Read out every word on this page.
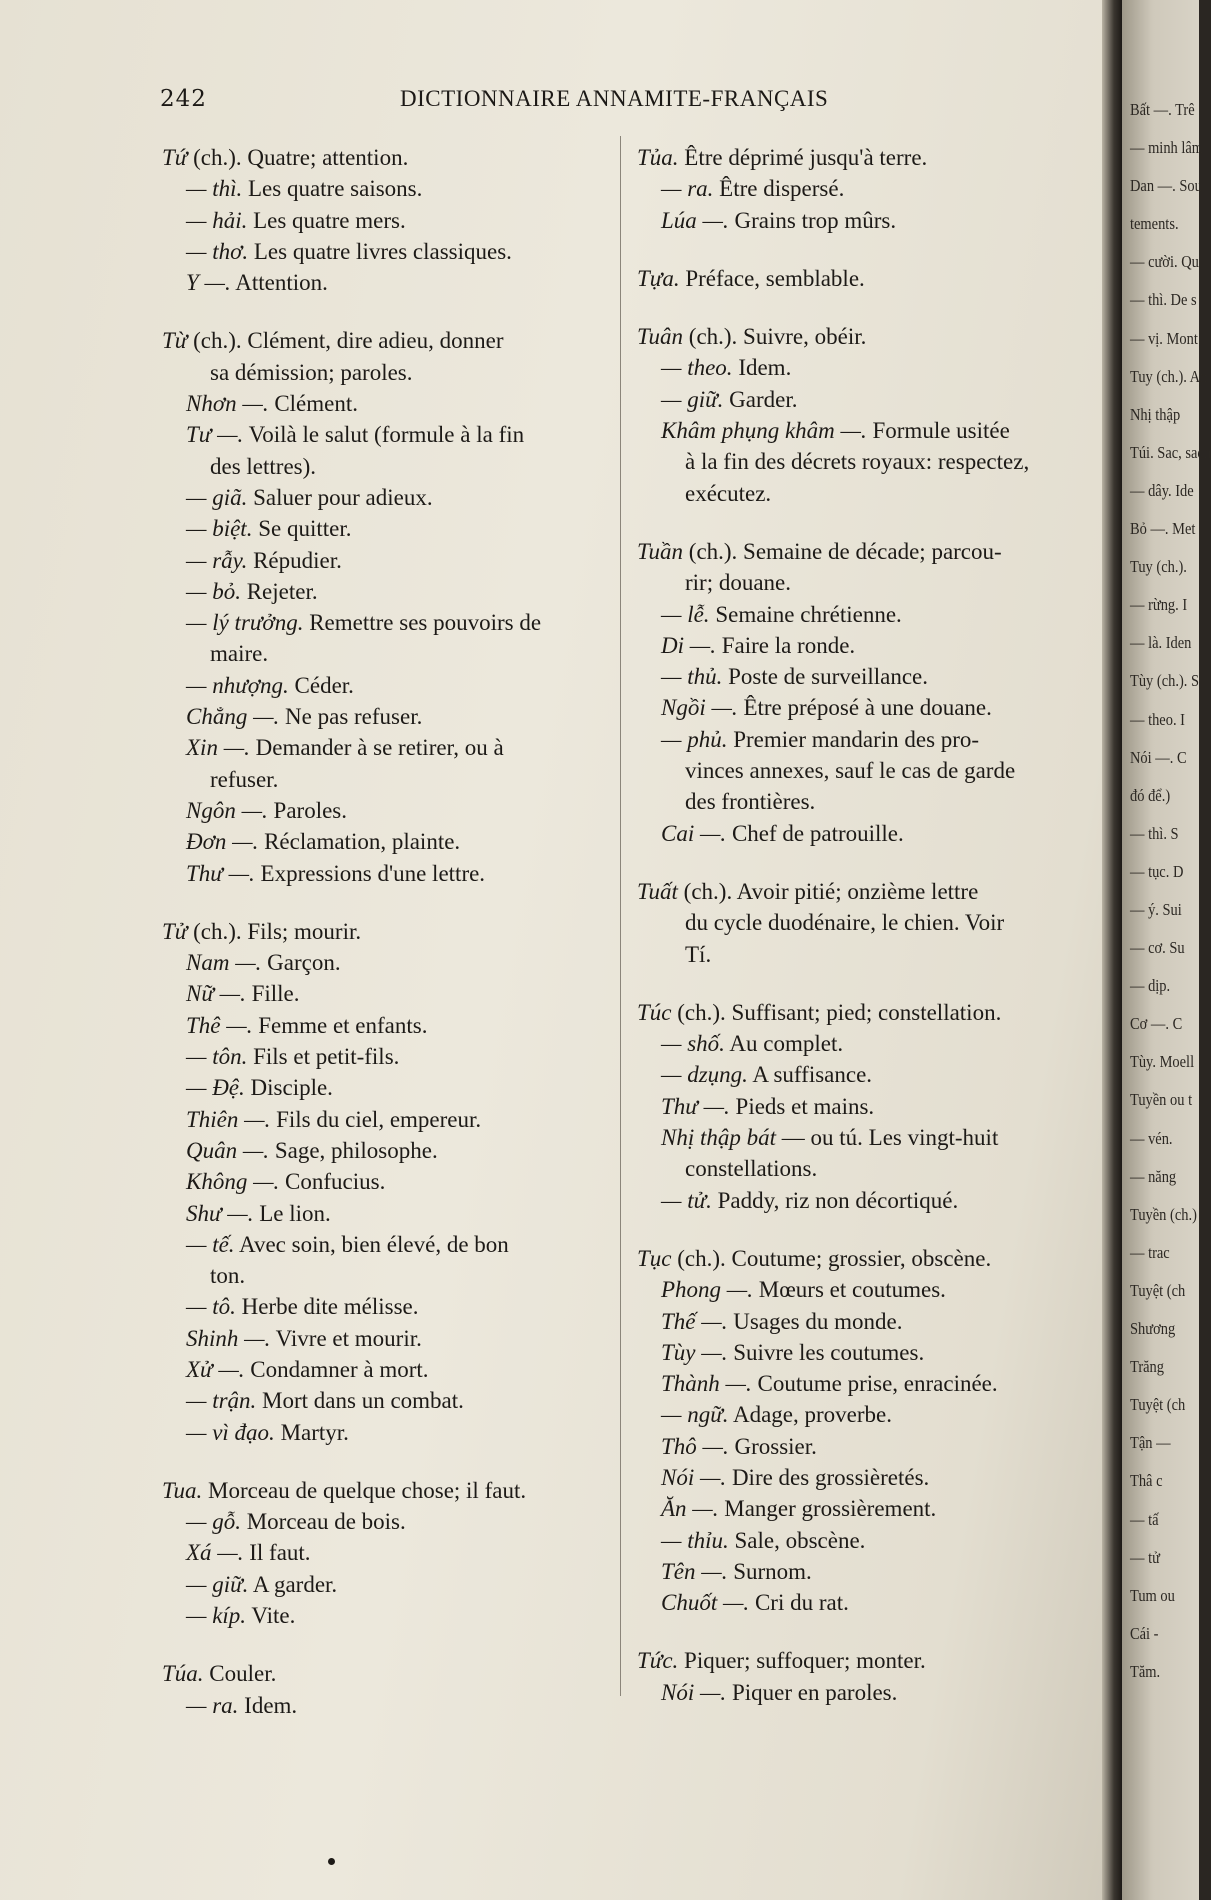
242	DICTIONNAIRE ANNAMITE-FRANÇAIS
Tứ (ch.). Quatre; attention.
— thì. Les quatre saisons.
— hải. Les quatre mers.
— thơ. Les quatre livres classiques.
Y —. Attention.
Từ (ch.). Clément, dire adieu, donner
sa démission; paroles.
Nhơn —. Clément.
Tư —. Voilà le salut (formule à la fin
des lettres).
— giã. Saluer pour adieux.
— biệt. Se quitter.
— rẫy. Répudier.
— bỏ. Rejeter.
— lý trưởng. Remettre ses pouvoirs de
maire.
— nhượng. Céder.
Chẳng —. Ne pas refuser.
Xin —. Demander à se retirer, ou à
refuser.
Ngôn —. Paroles.
Đơn —. Réclamation, plainte.
Thư —. Expressions d'une lettre.
Tử (ch.). Fils; mourir.
Nam —. Garçon.
Nữ —. Fille.
Thê —. Femme et enfants.
— tôn. Fils et petit-fils.
— Đệ. Disciple.
Thiên —. Fils du ciel, empereur.
Quân —. Sage, philosophe.
Không —. Confucius.
Shư —. Le lion.
— tế. Avec soin, bien élevé, de bon
ton.
— tô. Herbe dite mélisse.
Shinh —. Vivre et mourir.
Xử —. Condamner à mort.
— trận. Mort dans un combat.
— vì đạo. Martyr.
Tua. Morceau de quelque chose; il faut.
— gỗ. Morceau de bois.
Xá —. Il faut.
— giữ. A garder.
— kíp. Vite.
Túa. Couler.
— ra. Idem.
Tủa. Être déprimé jusqu'à terre.
— ra. Être dispersé.
Lúa —. Grains trop mûrs.
Tựa. Préface, semblable.
Tuân (ch.). Suivre, obéir.
— theo. Idem.
— giữ. Garder.
Khâm phụng khâm —. Formule usitée
à la fin des décrets royaux: respectez,
exécutez.
Tuần (ch.). Semaine de décade; parcou-
rir; douane.
— lễ. Semaine chrétienne.
Di —. Faire la ronde.
— thủ. Poste de surveillance.
Ngồi —. Être préposé à une douane.
— phủ. Premier mandarin des pro-
vinces annexes, sauf le cas de garde
des frontières.
Cai —. Chef de patrouille.
Tuất (ch.). Avoir pitié; onzième lettre
du cycle duodénaire, le chien. Voir
Tí.
Túc (ch.). Suffisant; pied; constellation.
— shố. Au complet.
— dzụng. A suffisance.
Thư —. Pieds et mains.
Nhị thập bát — ou tú. Les vingt-huit
constellations.
— tử. Paddy, riz non décortiqué.
Tục (ch.). Coutume; grossier, obscène.
Phong —. Mœurs et coutumes.
Thế —. Usages du monde.
Tùy —. Suivre les coutumes.
Thành —. Coutume prise, enracinée.
— ngữ. Adage, proverbe.
Thô —. Grossier.
Nói —. Dire des grossièretés.
Ăn —. Manger grossièrement.
— thỉu. Sale, obscène.
Tên —. Surnom.
Chuốt —. Cri du rat.
Tức. Piquer; suffoquer; monter.
Nói —. Piquer en paroles.
Bất —. Trê
— minh lâm
Dan —. Sou
tements.
— cười. Qu
— thì. De s
— vị. Mont
Tuy (ch.). An
Nhị thập
Túi. Sac, sach
— dây. Ide
Bỏ —. Met
Tuy (ch.).
— rừng. I
— là. Iden
Tùy (ch.). S
— theo. I
Nói —. C
đó để.)
— thì. S
— tục. D
— ý. Sui
— cơ. Su
— dịp.
Cơ —. C
Tùy. Moell
Tuyền ou t
— vén.
— năng
Tuyền (ch.)
— trac
Tuyệt (ch
Shương
Trăng
Tuyệt (ch
Tận —
Thâ c
— tấ
— tử
Tum ou
Cái -
Tăm.
